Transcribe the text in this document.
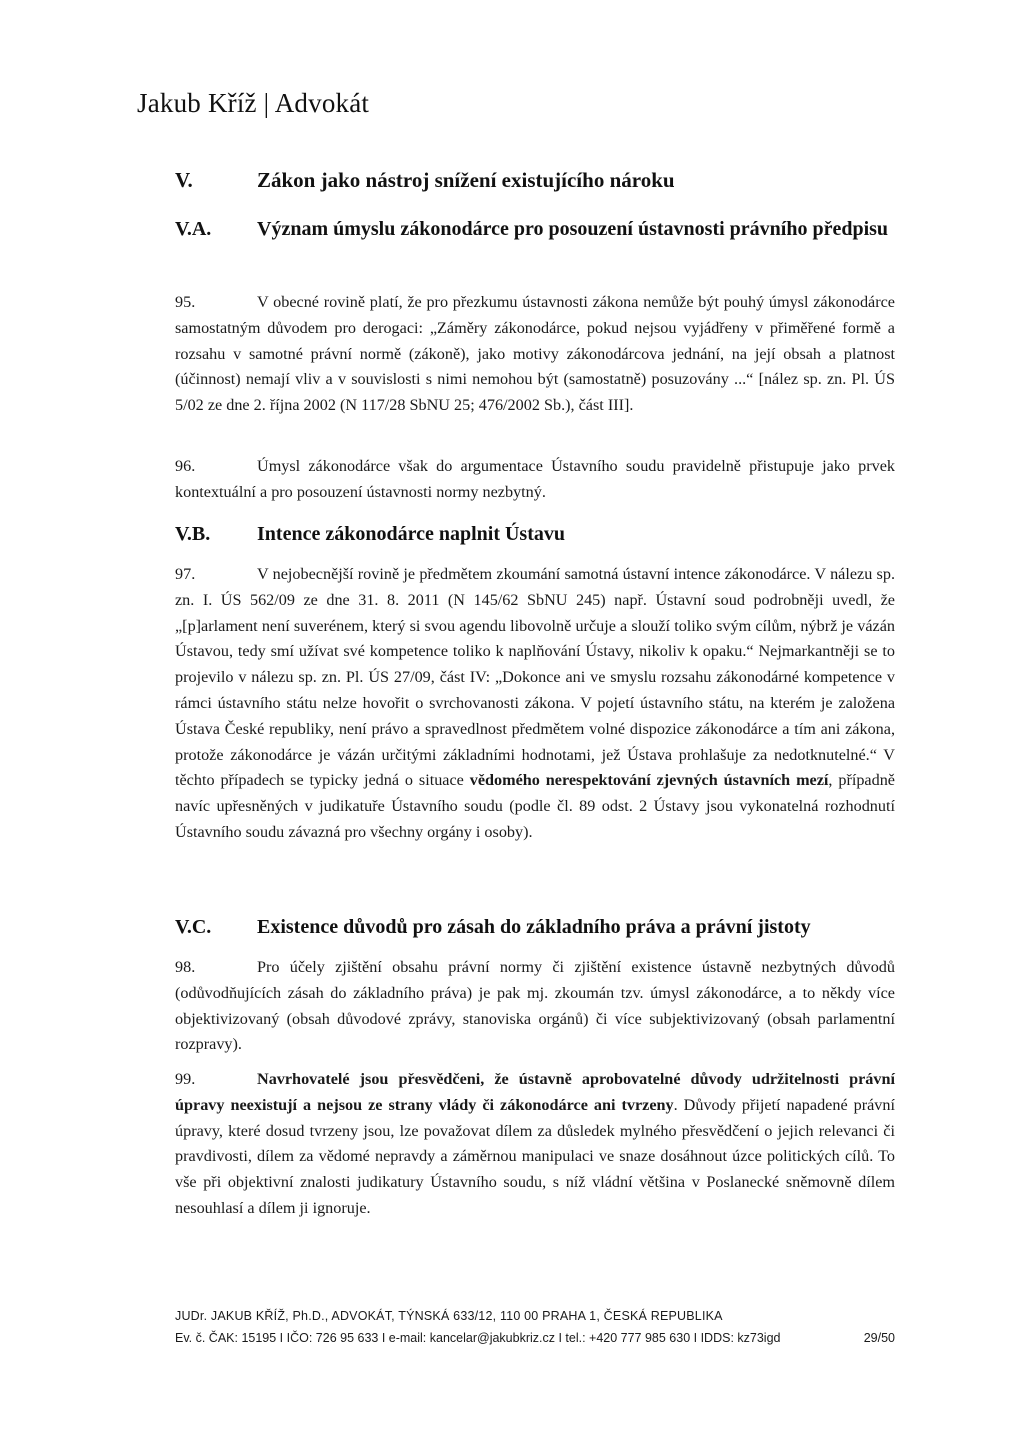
Jakub Kříž | Advokát
V.	Zákon jako nástroj snížení existujícího nároku
V.A. Význam úmyslu zákonodárce pro posouzení ústavnosti právního předpisu
95.	V obecné rovině platí, že pro přezkumu ústavnosti zákona nemůže být pouhý úmysl zákonodárce samostatným důvodem pro derogaci: „Záměry zákonodárce, pokud nejsou vyjádřeny v přiměřené formě a rozsahu v samotné právní normě (zákoně), jako motivy zákonodárcova jednání, na její obsah a platnost (účinnost) nemají vliv a v souvislosti s nimi nemohou být (samostatně) posuzovány ...“ [nález sp. zn. Pl. ÚS 5/02 ze dne 2. října 2002 (N 117/28 SbNU 25; 476/2002 Sb.), část III].
96.	Úmysl zákonodárce však do argumentace Ústavního soudu pravidelně přistupuje jako prvek kontextuální a pro posouzení ústavnosti normy nezbytný.
V.B. Intence zákonodárce naplnit Ústavu
97.	V nejobecnější rovině je předmětem zkoumání samotná ústavní intence zákonodárce. V nálezu sp. zn. I. ÚS 562/09 ze dne 31. 8. 2011 (N 145/62 SbNU 245) např. Ústavní soud podrobněji uvedl, že „[p]arlament není suverénem, který si svou agendu libovolně určuje a slouží toliko svým cílům, nýbrž je vázán Ústavou, tedy smí užívat své kompetence toliko k naplňování Ústavy, nikoliv k opaku.“ Nejmarkantněji se to projevilo v nálezu sp. zn. Pl. ÚS 27/09, část IV: „Dokonce ani ve smyslu rozsahu zákonodárné kompetence v rámci ústavního státu nelze hovořit o svrchovanosti zákona. V pojetí ústavního státu, na kterém je založena Ústava České republiky, není právo a spravedlnost předmětem volné dispozice zákonodárce a tím ani zákona, protože zákonodárce je vázán určitými základními hodnotami, jež Ústava prohlašuje za nedotknutelné.“ V těchto případech se typicky jedná o situace vědomého nerespektování zjevných ústavních mezí, případně navíc upřesněných v judikatuře Ústavního soudu (podle čl. 89 odst. 2 Ústavy jsou vykonatelná rozhodnutí Ústavního soudu závazná pro všechny orgány i osoby).
V.C. Existence důvodů pro zásah do základního práva a právní jistoty
98.	Pro účely zjištění obsahu právní normy či zjištění existence ústavně nezbytných důvodů (odůvodňujících zásah do základního práva) je pak mj. zkoumán tzv. úmysl zákonodárce, a to někdy více objektivizovaný (obsah důvodové zprávy, stanoviska orgánů) či více subjektivizovaný (obsah parlamentní rozpravy).
99.	Navrhovatelé jsou přesvědčeni, že ústavně aprobovatelné důvody udržitelnosti právní úpravy neexistují a nejsou ze strany vlády či zákonodárce ani tvrzeny. Důvody přijetí napadené právní úpravy, které dosud tvrzeny jsou, lze považovat dílem za důsledek mylného přesvědčení o jejich relevanci či pravdivosti, dílem za vědomé nepravdy a záměrnou manipulaci ve snaze dosáhnout úzce politických cílů. To vše při objektivní znalosti judikatury Ústavního soudu, s níž vládní většina v Poslanecké sněmovně dílem nesouhlasí a dílem ji ignoruje.
JUDr. JAKUB KŘÍŽ, Ph.D., ADVOKÁT, TÝNSKÁ 633/12, 110 00 PRAHA 1, ČESKÁ REPUBLIKA
Ev. č. ČAK: 15195 I IČO: 726 95 633 I e-mail: kancelar@jakubkriz.cz I tel.: +420 777 985 630 I IDDS: kz73igd	29/50
